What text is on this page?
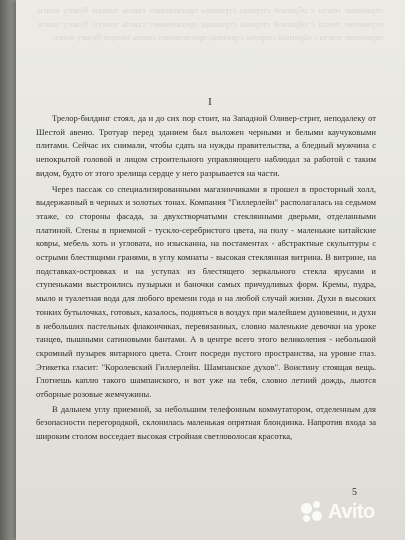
отражение текста с обратной стороны страницы просвечивает сквозь тонкую бумагу книги отражение текста с обратной стороны страницы просвечивает сквозь тонкую бумагу книги отражение текста с обратной стороны страницы просвечивает сквозь тонкую бумагу книги
I

Трелор-билдинг стоял, да и до сих пор стоит, на Западной Оливер-стрит, неподалеку от Шестой авеню. Тротуар перед зданием был выложен черными и белыми каучуковыми плитами. Сейчас их снимали, чтобы сдать на нужды правительства, а бледный мужчина с непокрытой головой и лицом строительного управляющего наблюдал за работой с таким видом, будто от этого зрелища сердце у него разрывается на части.

Через пассаж со специализированными магазинчиками я прошел в просторный холл, выдержанный в черных и золотых тонах. Компания "Гиллерлейн" располагалась на седьмом этаже, со стороны фасада, за двухстворчатыми стеклянными дверьми, отделанными платиной. Стены в приемной - тускло-серебристого цвета, на полу - маленькие китайские ковры, мебель хоть и угловата, но изысканна, на постаментах - абстрактные скульптуры с острыми блестящими гранями, в углу комнаты - высокая стеклянная витрина. В витрине, на подставках-островках и на уступах из блестящего зеркального стекла ярусами и ступеньками выстроились пузырьки и баночки самых причудливых форм. Кремы, пудра, мыло и туалетная вода для любого времени года и на любой случай жизни. Духи в высоких тонких бутылочках, готовых, казалось, подняться в воздух при малейшем дуновении, и духи в небольших пастельных флакончиках, перевязанных, словно маленькие девочки на уроке танцев, пышными сатиновыми бантами. А в центре всего этого великолепия - небольшой скромный пузырек янтарного цвета. Стоит посреди пустого пространства, на уровне глаз. Этикетка гласит: "Королевский Гиллерлейн. Шампанское духов". Воистину стоящая вещь. Глотнешь каплю такого шампанского, и вот уже на тебя, словно летний дождь, льются отборные розовые жемчужины.

В дальнем углу приемной, за небольшим телефонным коммутатором, отделенным для безопасности перегородкой, склонилась маленькая опрятная блондинка. Напротив входа за широким столом восседает высокая стройная светловолосая красотка,

5
Avito
